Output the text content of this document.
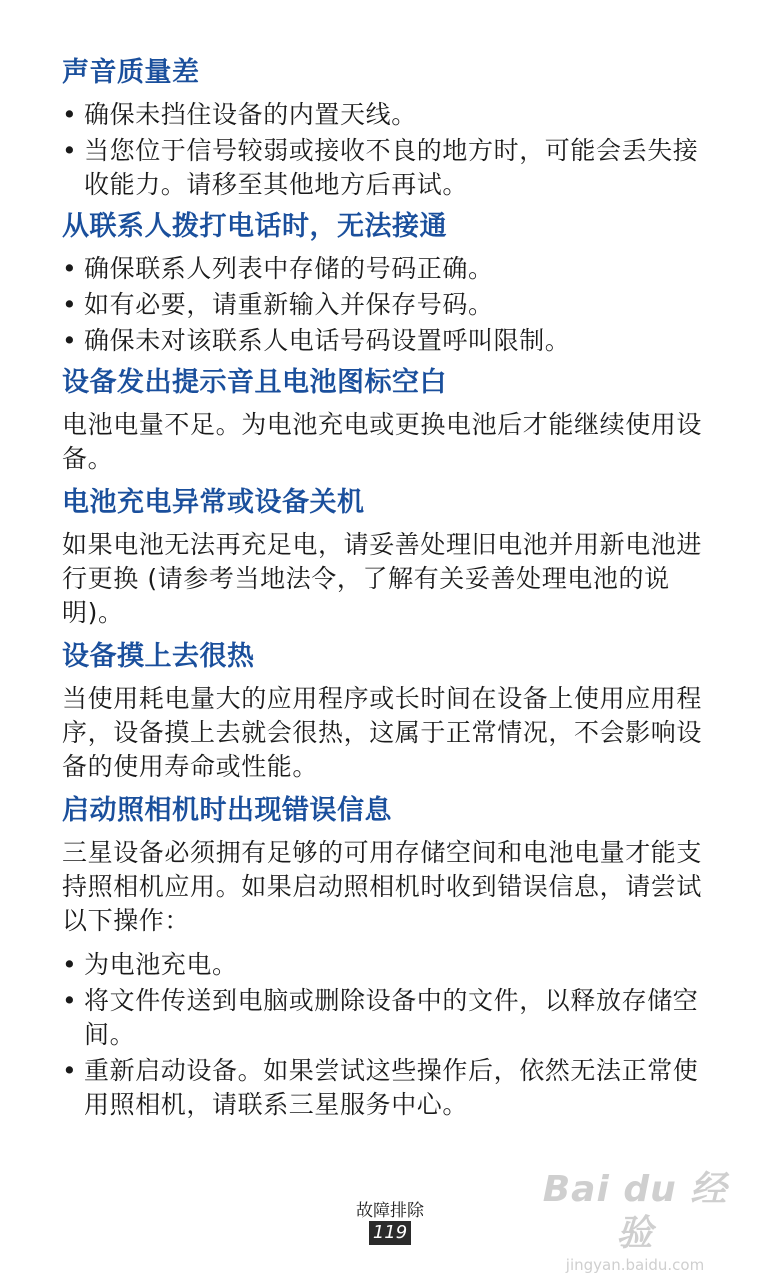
声音质量差
• 确保未挡住设备的内置天线。
• 当您位于信号较弱或接收不良的地方时，可能会丢失接收能力。请移至其他地方后再试。
从联系人拨打电话时，无法接通
• 确保联系人列表中存储的号码正确。
• 如有必要，请重新输入并保存号码。
• 确保未对该联系人电话号码设置呼叫限制。
设备发出提示音且电池图标空白

电池电量不足。为电池充电或更换电池后才能继续使用设备。

电池充电异常或设备关机

如果电池无法再充足电，请妥善处理旧电池并用新电池进行更换 (请参考当地法令，了解有关妥善处理电池的说明)。

设备摸上去很热

当使用耗电量大的应用程序或长时间在设备上使用应用程序，设备摸上去就会很热，这属于正常情况，不会影响设备的使用寿命或性能。

启动照相机时出现错误信息

三星设备必须拥有足够的可用存储空间和电池电量才能支持照相机应用。如果启动照相机时收到错误信息，请尝试以下操作：

• 为电池充电。
• 将文件传送到电脑或删除设备中的文件，以释放存储空间。
• 重新启动设备。如果尝试这些操作后，依然无法正常使用照相机，请联系三星服务中心。
故障排除
119
Bai du 经验
jingyan.baidu.com
